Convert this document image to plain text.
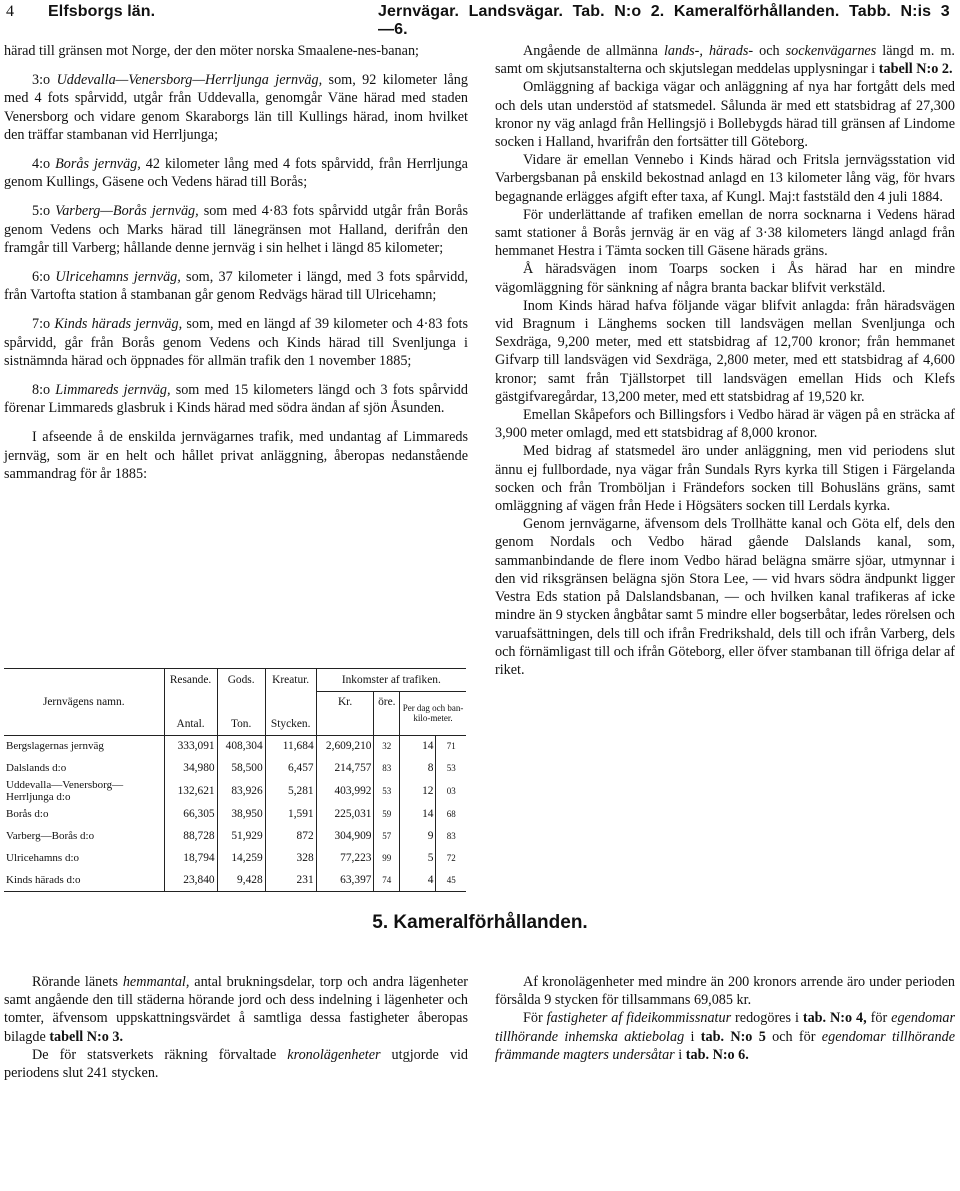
4 Elfsborgs län.	Jernvägar. Landsvägar. Tab. N:o 2. Kameralförhållanden. Tabb. N:is 3—6.

härad till gränsen mot Norge, der den möter norska Smaalene-nes-banan;

3:o Uddevalla—Venersborg—Herrljunga jernväg, som, 92 kilometer lång med 4 fots spårvidd, utgår från Uddevalla, genomgår Väne härad med staden Venersborg och vidare genom Skaraborgs län till Kullings härad, inom hvilket den träffar stambanan vid Herrljunga;

4:o Borås jernväg, 42 kilometer lång med 4 fots spårvidd, från Herrljunga genom Kullings, Gäsene och Vedens härad till Borås;

5:o Varberg—Borås jernväg, som med 4·83 fots spårvidd utgår från Borås genom Vedens och Marks härad till länegränsen mot Halland, derifrån den framgår till Varberg; hållande denne jernväg i sin helhet i längd 85 kilometer;

6:o Ulricehamns jernväg, som, 37 kilometer i längd, med 3 fots spårvidd, från Vartofta station å stambanan går genom Redvägs härad till Ulricehamn;

7:o Kinds härads jernväg, som, med en längd af 39 kilometer och 4·83 fots spårvidd, går från Borås genom Vedens och Kinds härad till Svenljunga i sistnämnda härad och öppnades för allmän trafik den 1 november 1885;

8:o Limmareds jernväg, som med 15 kilometers längd och 3 fots spårvidd förenar Limmareds glasbruk i Kinds härad med södra ändan af sjön Åsunden.

I afseende å de enskilda jernvägarnes trafik, med undantag af Limmareds jernväg, som är en helt och hållet privat anläggning, åberopas nedanstående sammandrag för år 1885:

Jernvägens namn.	Resande.	Gods.	Kreatur.	Inkomster af trafiken.			
				Kr.	öre.	Per dag och ban-kilo-meter.	
	Antal.	Ton.	Stycken.				
Bergslagernas jernväg	333,091	408,304	11,684	2,609,210	32	14	71
Dalslands d:o	34,980	58,500	6,457	214,757	83	8	53
Uddevalla—Venersborg—Herrljunga d:o	132,621	83,926	5,281	403,992	53	12	03
Borås d:o	66,305	38,950	1,591	225,031	59	14	68
Varberg—Borås d:o	88,728	51,929	872	304,909	57	9	83
Ulricehamns d:o	18,794	14,259	328	77,223	99	5	72
Kinds härads d:o	23,840	9,428	231	63,397	74	4	45

Angående de allmänna lands-, härads- och sockenvägarnes längd m. m. samt om skjutsanstalterna och skjutslegan meddelas upplysningar i tabell N:o 2.

Omläggning af backiga vägar och anläggning af nya har fortgått dels med och dels utan understöd af statsmedel. Sålunda är med ett statsbidrag af 27,300 kronor ny väg anlagd från Hellingsjö i Bollebygds härad till gränsen af Lindome socken i Halland, hvarifrån den fortsätter till Göteborg.

Vidare är emellan Vennebo i Kinds härad och Fritsla jernvägsstation vid Varbergsbanan på enskild bekostnad anlagd en 13 kilometer lång väg, för hvars begagnande erlägges afgift efter taxa, af Kungl. Maj:t faststäld den 4 juli 1884.

För underlättande af trafiken emellan de norra socknarna i Vedens härad samt stationer å Borås jernväg är en väg af 3·38 kilometers längd anlagd från hemmanet Hestra i Tämta socken till Gäsene härads gräns.

Å häradsvägen inom Toarps socken i Ås härad har en mindre vägomläggning för sänkning af några branta backar blifvit verkstäld.

Inom Kinds härad hafva följande vägar blifvit anlagda: från häradsvägen vid Bragnum i Länghems socken till landsvägen mellan Svenljunga och Sexdräga, 9,200 meter, med ett statsbidrag af 12,700 kronor; från hemmanet Gifvarp till landsvägen vid Sexdräga, 2,800 meter, med ett statsbidrag af 4,600 kronor; samt från Tjällstorpet till landsvägen emellan Hids och Klefs gästgifvaregårdar, 13,200 meter, med ett statsbidrag af 19,520 kr.

Emellan Skåpefors och Billingsfors i Vedbo härad är vägen på en sträcka af 3,900 meter omlagd, med ett statsbidrag af 8,000 kronor.

Med bidrag af statsmedel äro under anläggning, men vid periodens slut ännu ej fullbordade, nya vägar från Sundals Ryrs kyrka till Stigen i Färgelanda socken och från Tromböljan i Frändefors socken till Bohusläns gräns, samt omläggning af vägen från Hede i Högsäters socken till Lerdals kyrka.

Genom jernvägarne, äfvensom dels Trollhätte kanal och Göta elf, dels den genom Nordals och Vedbo härad gående Dalslands kanal, som, sammanbindande de flere inom Vedbo härad belägna smärre sjöar, utmynnar i den vid riksgränsen belägna sjön Stora Lee, — vid hvars södra ändpunkt ligger Vestra Eds station på Dalslandsbanan, — och hvilken kanal trafikeras af icke mindre än 9 stycken ångbåtar samt 5 mindre eller bogserbåtar, ledes rörelsen och varuafsättningen, dels till och ifrån Fredrikshald, dels till och ifrån Varberg, dels och förnämligast till och ifrån Göteborg, eller öfver stambanan till öfriga delar af riket.

5. Kameralförhållanden.

Rörande länets hemmantal, antal brukningsdelar, torp och andra lägenheter samt angående den till städerna hörande jord och dess indelning i lägenheter och tomter, äfvensom uppskattningsvärdet å samtliga dessa fastigheter åberopas bilagde tabell N:o 3.

De för statsverkets räkning förvaltade kronolägenheter utgjorde vid periodens slut 241 stycken.

Af kronolägenheter med mindre än 200 kronors arrende äro under perioden försålda 9 stycken för tillsammans 69,085 kr.

För fastigheter af fideikommissnatur redogöres i tab. N:o 4, för egendomar tillhörande inhemska aktiebolag i tab. N:o 5 och för egendomar tillhörande främmande magters undersåtar i tab. N:o 6.
